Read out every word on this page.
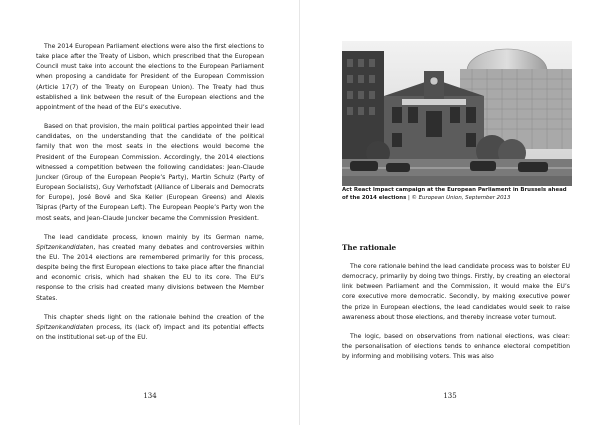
The 2014 European Parliament elections were also the first elections to take place after the Treaty of Lisbon, which prescribed that the European Council must take into account the elections to the European Parliament when proposing a candidate for President of the European Commission (Article 17(7) of the Treaty on European Union). The Treaty had thus established a link between the result of the European elections and the appointment of the head of the EU’s executive.

Based on that provision, the main political parties appointed their lead candidates, on the understanding that the candidate of the political family that won the most seats in the elections would become the President of the European Commission. Accordingly, the 2014 elections witnessed a competition between the following candidates: Jean-Claude Juncker (Group of the European People’s Party), Martin Schulz (Party of European Socialists), Guy Verhofstadt (Alliance of Liberals and Democrats for Europe), José Bové and Ska Keller (European Greens) and Alexis Tsipras (Party of the European Left). The European People’s Party won the most seats, and Jean-Claude Juncker became the Commission President.

The lead candidate process, known mainly by its German name, Spitzenkandidaten, has created many debates and controversies within the EU. The 2014 elections are remembered primarily for this process, despite being the first European elections to take place after the financial and economic crisis, which had shaken the EU to its core. The EU’s response to the crisis had created many divisions between the Member States.

This chapter sheds light on the rationale behind the creation of the Spitzenkandidaten process, its (lack of) impact and its potential effects on the institutional set-up of the EU.

134
Act React Impact campaign at the European Parliament in Brussels ahead of the 2014 elections | © European Union, September 2013
The rationale

The core rationale behind the lead candidate process was to bolster EU democracy, primarily by doing two things. Firstly, by creating an electoral link between Parliament and the Commission, it would make the EU’s core executive more democratic. Secondly, by making executive power the prize in European elections, the lead candidates would seek to raise awareness about those elections, and thereby increase voter turnout.

The logic, based on observations from national elections, was clear: the personalisation of elections tends to enhance electoral competition by informing and mobilising voters. This was also

135
